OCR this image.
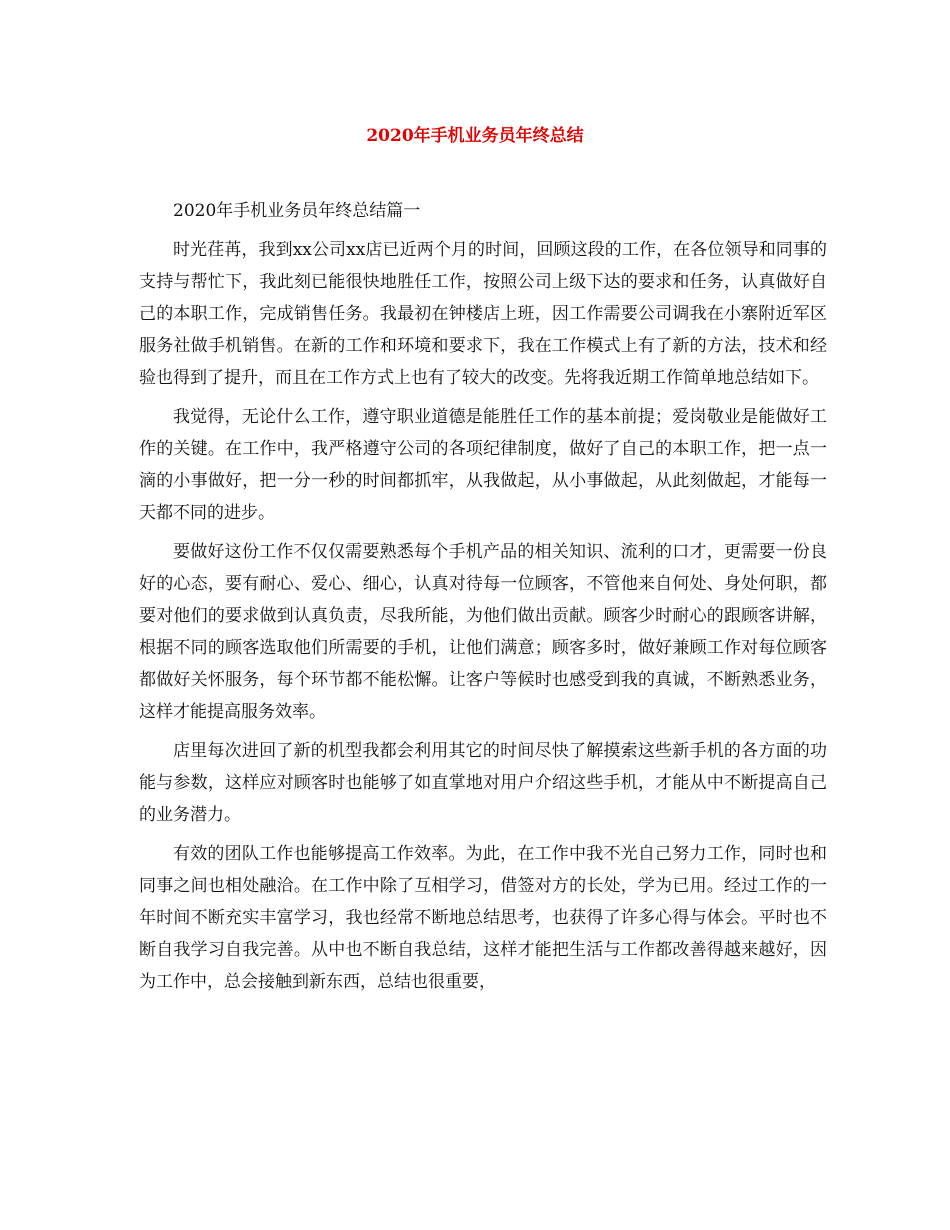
2020年手机业务员年终总结

2020年手机业务员年终总结篇一

时光荏苒，我到xx公司xx店已近两个月的时间，回顾这段的工作，在各位领导和同事的支持与帮忙下，我此刻已能很快地胜任工作，按照公司上级下达的要求和任务，认真做好自己的本职工作，完成销售任务。我最初在钟楼店上班，因工作需要公司调我在小寨附近军区服务社做手机销售。在新的工作和环境和要求下，我在工作模式上有了新的方法，技术和经验也得到了提升，而且在工作方式上也有了较大的改变。先将我近期工作简单地总结如下。

我觉得，无论什么工作，遵守职业道德是能胜任工作的基本前提；爱岗敬业是能做好工作的关键。在工作中，我严格遵守公司的各项纪律制度，做好了自己的本职工作，把一点一滴的小事做好，把一分一秒的时间都抓牢，从我做起，从小事做起，从此刻做起，才能每一天都不同的进步。

要做好这份工作不仅仅需要熟悉每个手机产品的相关知识、流利的口才，更需要一份良好的心态，要有耐心、爱心、细心，认真对待每一位顾客，不管他来自何处、身处何职，都要对他们的要求做到认真负责，尽我所能，为他们做出贡献。顾客少时耐心的跟顾客讲解，根据不同的顾客选取他们所需要的手机，让他们满意；顾客多时，做好兼顾工作对每位顾客都做好关怀服务，每个环节都不能松懈。让客户等候时也感受到我的真诚，不断熟悉业务，这样才能提高服务效率。

店里每次进回了新的机型我都会利用其它的时间尽快了解摸索这些新手机的各方面的功能与参数，这样应对顾客时也能够了如直掌地对用户介绍这些手机，才能从中不断提高自己的业务潜力。

有效的团队工作也能够提高工作效率。为此，在工作中我不光自己努力工作，同时也和同事之间也相处融洽。在工作中除了互相学习，借签对方的长处，学为已用。经过工作的一年时间不断充实丰富学习，我也经常不断地总结思考，也获得了许多心得与体会。平时也不断自我学习自我完善。从中也不断自我总结，这样才能把生活与工作都改善得越来越好，因为工作中，总会接触到新东西，总结也很重要，
